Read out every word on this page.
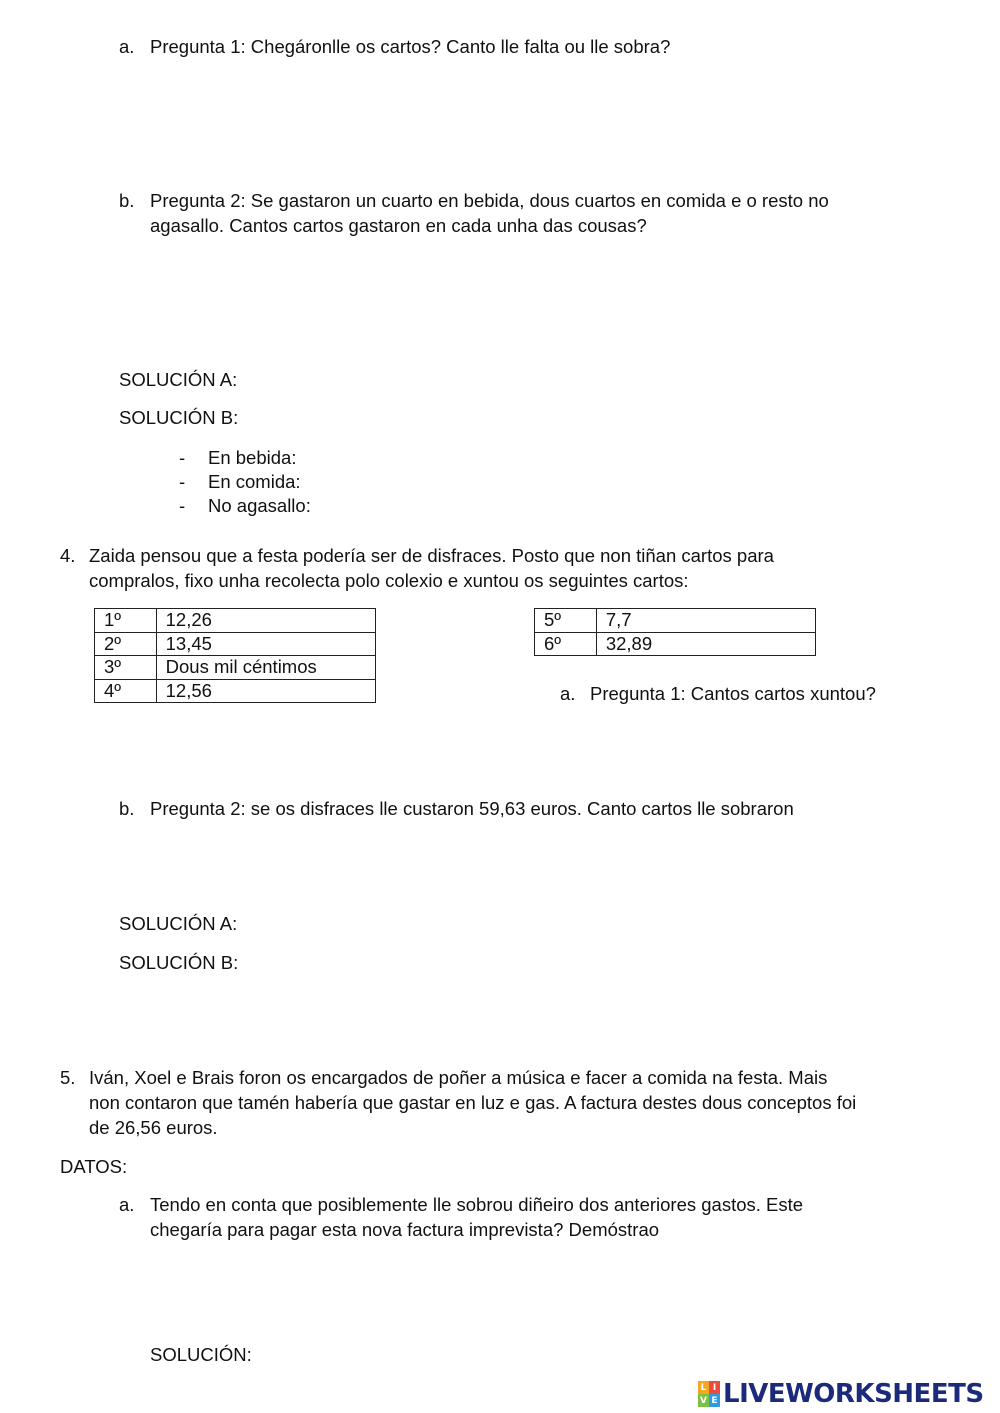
a. Pregunta 1: Chegáronlle os cartos? Canto lle falta ou lle sobra?
b. Pregunta 2: Se gastaron un cuarto en bebida, dous cuartos en comida e o resto no
agasallo. Cantos cartos gastaron en cada unha das cousas?
SOLUCIÓN A:
SOLUCIÓN B:
- En bebida:
- En comida:
- No agasallo:
4. Zaida pensou que a festa podería ser de disfraces. Posto que non tiñan cartos para
compralos, fixo unha recolecta polo colexio e xuntou os seguintes cartos:
1º	12,26
2º	13,45
3º	Dous mil céntimos
4º	12,56
5º	7,7
6º	32,89
a. Pregunta 1: Cantos cartos xuntou?
b. Pregunta 2: se os disfraces lle custaron 59,63 euros. Canto cartos lle sobraron
SOLUCIÓN A:
SOLUCIÓN B:
5. Iván, Xoel e Brais foron os encargados de poñer a música e facer a comida na festa. Mais
non contaron que tamén habería que gastar en luz e gas. A factura destes dous conceptos foi
de 26,56 euros.
DATOS:
a. Tendo en conta que posiblemente lle sobrou diñeiro dos anteriores gastos. Este
chegaría para pagar esta nova factura imprevista? Demóstrao
SOLUCIÓN:
L I
V E LIVEWORKSHEETS
